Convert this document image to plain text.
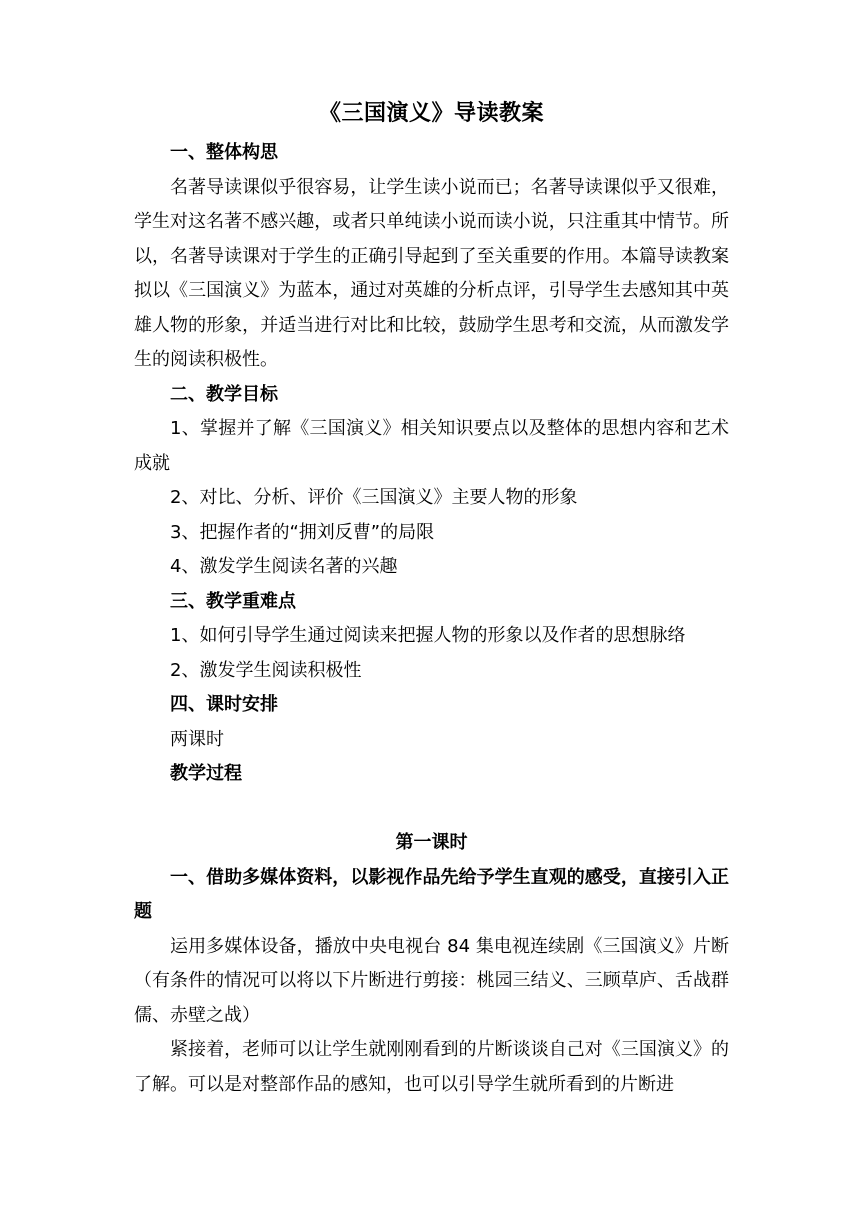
《三国演义》导读教案

一、整体构思

名著导读课似乎很容易，让学生读小说而已；名著导读课似乎又很难，学生对这名著不感兴趣，或者只单纯读小说而读小说，只注重其中情节。所以，名著导读课对于学生的正确引导起到了至关重要的作用。本篇导读教案拟以《三国演义》为蓝本，通过对英雄的分析点评，引导学生去感知其中英雄人物的形象，并适当进行对比和比较，鼓励学生思考和交流，从而激发学生的阅读积极性。

二、教学目标

1、掌握并了解《三国演义》相关知识要点以及整体的思想内容和艺术成就

2、对比、分析、评价《三国演义》主要人物的形象

3、把握作者的“拥刘反曹”的局限

4、激发学生阅读名著的兴趣

三、教学重难点

1、如何引导学生通过阅读来把握人物的形象以及作者的思想脉络

2、激发学生阅读积极性

四、课时安排

两课时

教学过程

第一课时

一、借助多媒体资料，以影视作品先给予学生直观的感受，直接引入正题

运用多媒体设备，播放中央电视台 84 集电视连续剧《三国演义》片断（有条件的情况可以将以下片断进行剪接：桃园三结义、三顾草庐、舌战群儒、赤壁之战）

紧接着，老师可以让学生就刚刚看到的片断谈谈自己对《三国演义》的了解。可以是对整部作品的感知，也可以引导学生就所看到的片断进
